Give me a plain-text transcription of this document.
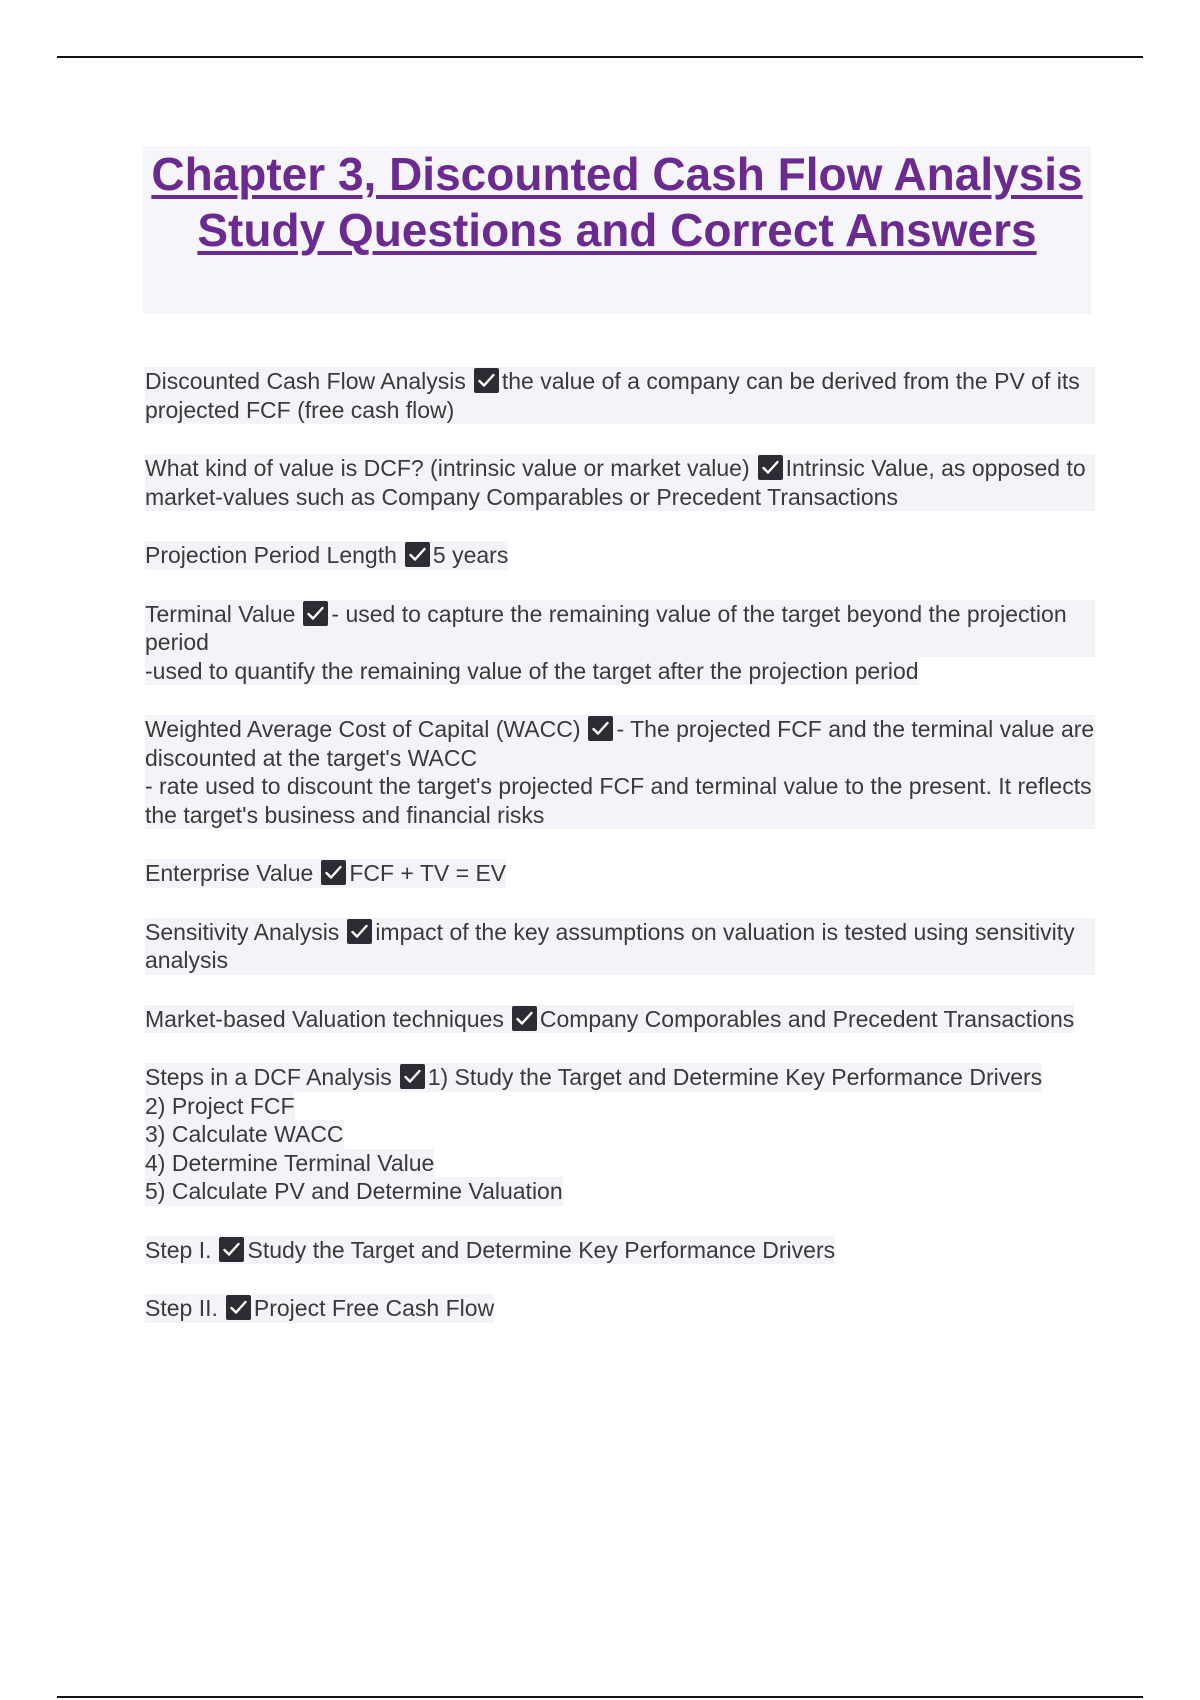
Chapter 3, Discounted Cash Flow Analysis Study Questions and Correct Answers

Discounted Cash Flow Analysis the value of a company can be derived from the PV of its projected FCF (free cash flow)

What kind of value is DCF? (intrinsic value or market value) Intrinsic Value, as opposed to market-values such as Company Comparables or Precedent Transactions

Projection Period Length 5 years

Terminal Value - used to capture the remaining value of the target beyond the projection period
-used to quantify the remaining value of the target after the projection period

Weighted Average Cost of Capital (WACC) - The projected FCF and the terminal value are discounted at the target's WACC
- rate used to discount the target's projected FCF and terminal value to the present. It reflects the target's business and financial risks

Enterprise Value FCF + TV = EV

Sensitivity Analysis impact of the key assumptions on valuation is tested using sensitivity analysis

Market-based Valuation techniques Company Comporables and Precedent Transactions

Steps in a DCF Analysis 1) Study the Target and Determine Key Performance Drivers
2) Project FCF
3) Calculate WACC
4) Determine Terminal Value
5) Calculate PV and Determine Valuation

Step I. Study the Target and Determine Key Performance Drivers

Step II. Project Free Cash Flow
